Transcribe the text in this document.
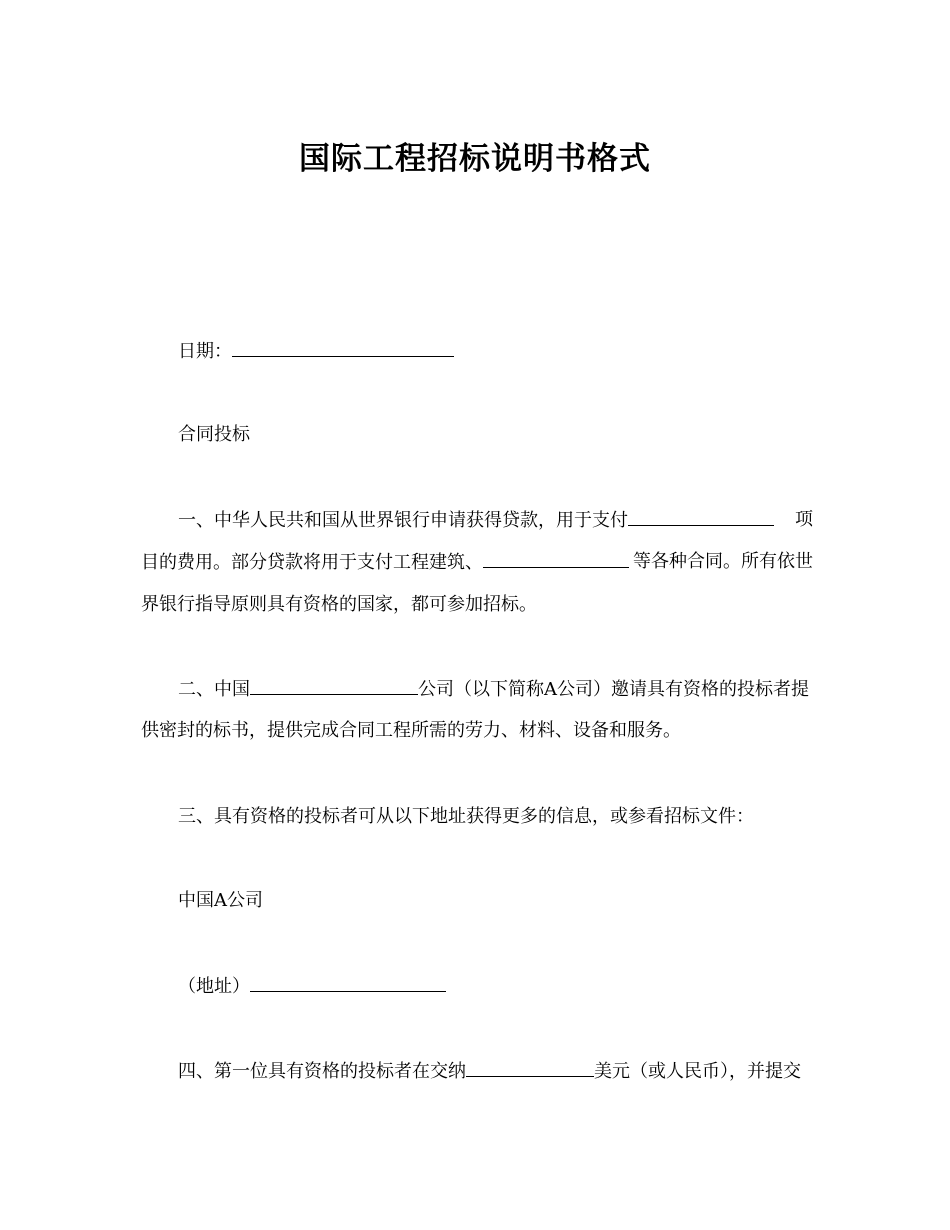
国际工程招标说明书格式
日期：
合同投标
一、中华人民共和国从世界银行申请获得贷款，用于支付	项
目的费用。部分贷款将用于支付工程建筑、	等各种合同。所有依世
界银行指导原则具有资格的国家，都可参加招标。
二、中国	公司（以下简称A公司）邀请具有资格的投标者提
供密封的标书，提供完成合同工程所需的劳力、材料、设备和服务。
三、具有资格的投标者可从以下地址获得更多的信息，或参看招标文件：
中国A公司
（地址）
四、第一位具有资格的投标者在交纳	美元（或人民币），并提交
